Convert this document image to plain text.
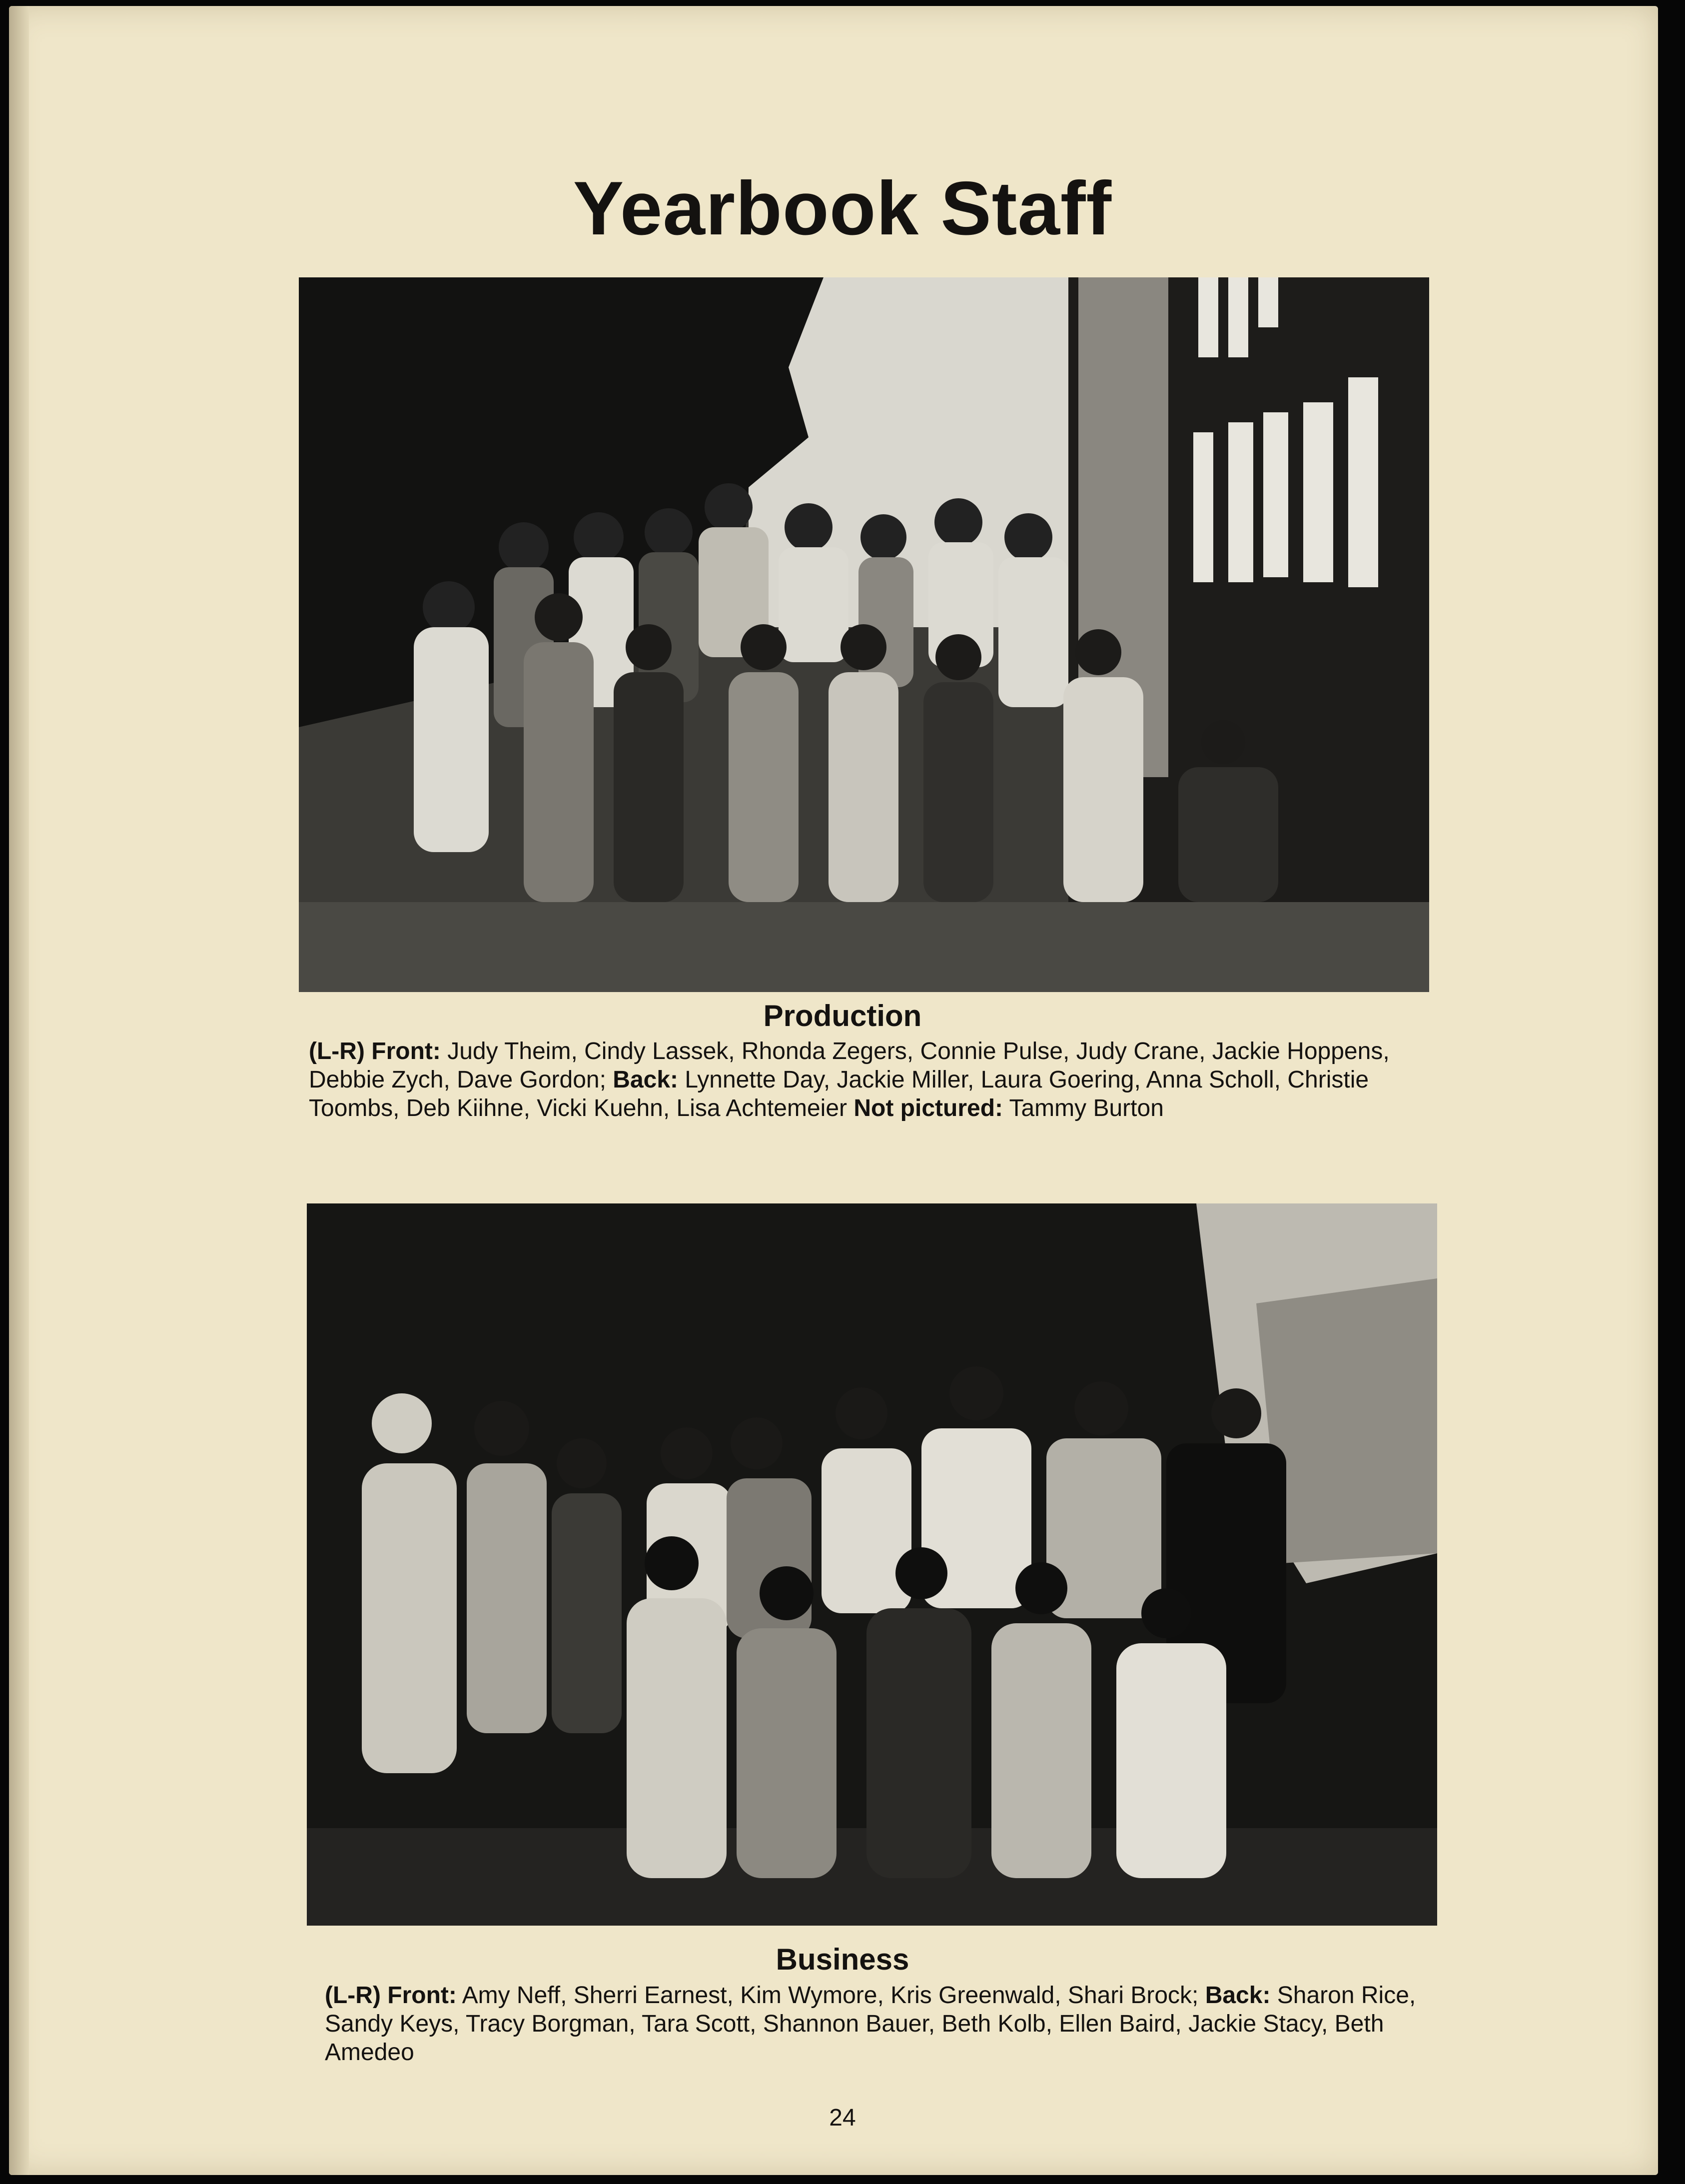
Yearbook Staff
Production
(L-R) Front: Judy Theim, Cindy Lassek, Rhonda Zegers, Connie Pulse, Judy Crane, Jackie Hoppens, Debbie Zych, Dave Gordon; Back: Lynnette Day, Jackie Miller, Laura Goering, Anna Scholl, Christie Toombs, Deb Kiihne, Vicki Kuehn, Lisa Achtemeier Not pictured: Tammy Burton
Business
(L-R) Front: Amy Neff, Sherri Earnest, Kim Wymore, Kris Greenwald, Shari Brock; Back: Sharon Rice, Sandy Keys, Tracy Borgman, Tara Scott, Shannon Bauer, Beth Kolb, Ellen Baird, Jackie Stacy, Beth Amedeo
24
